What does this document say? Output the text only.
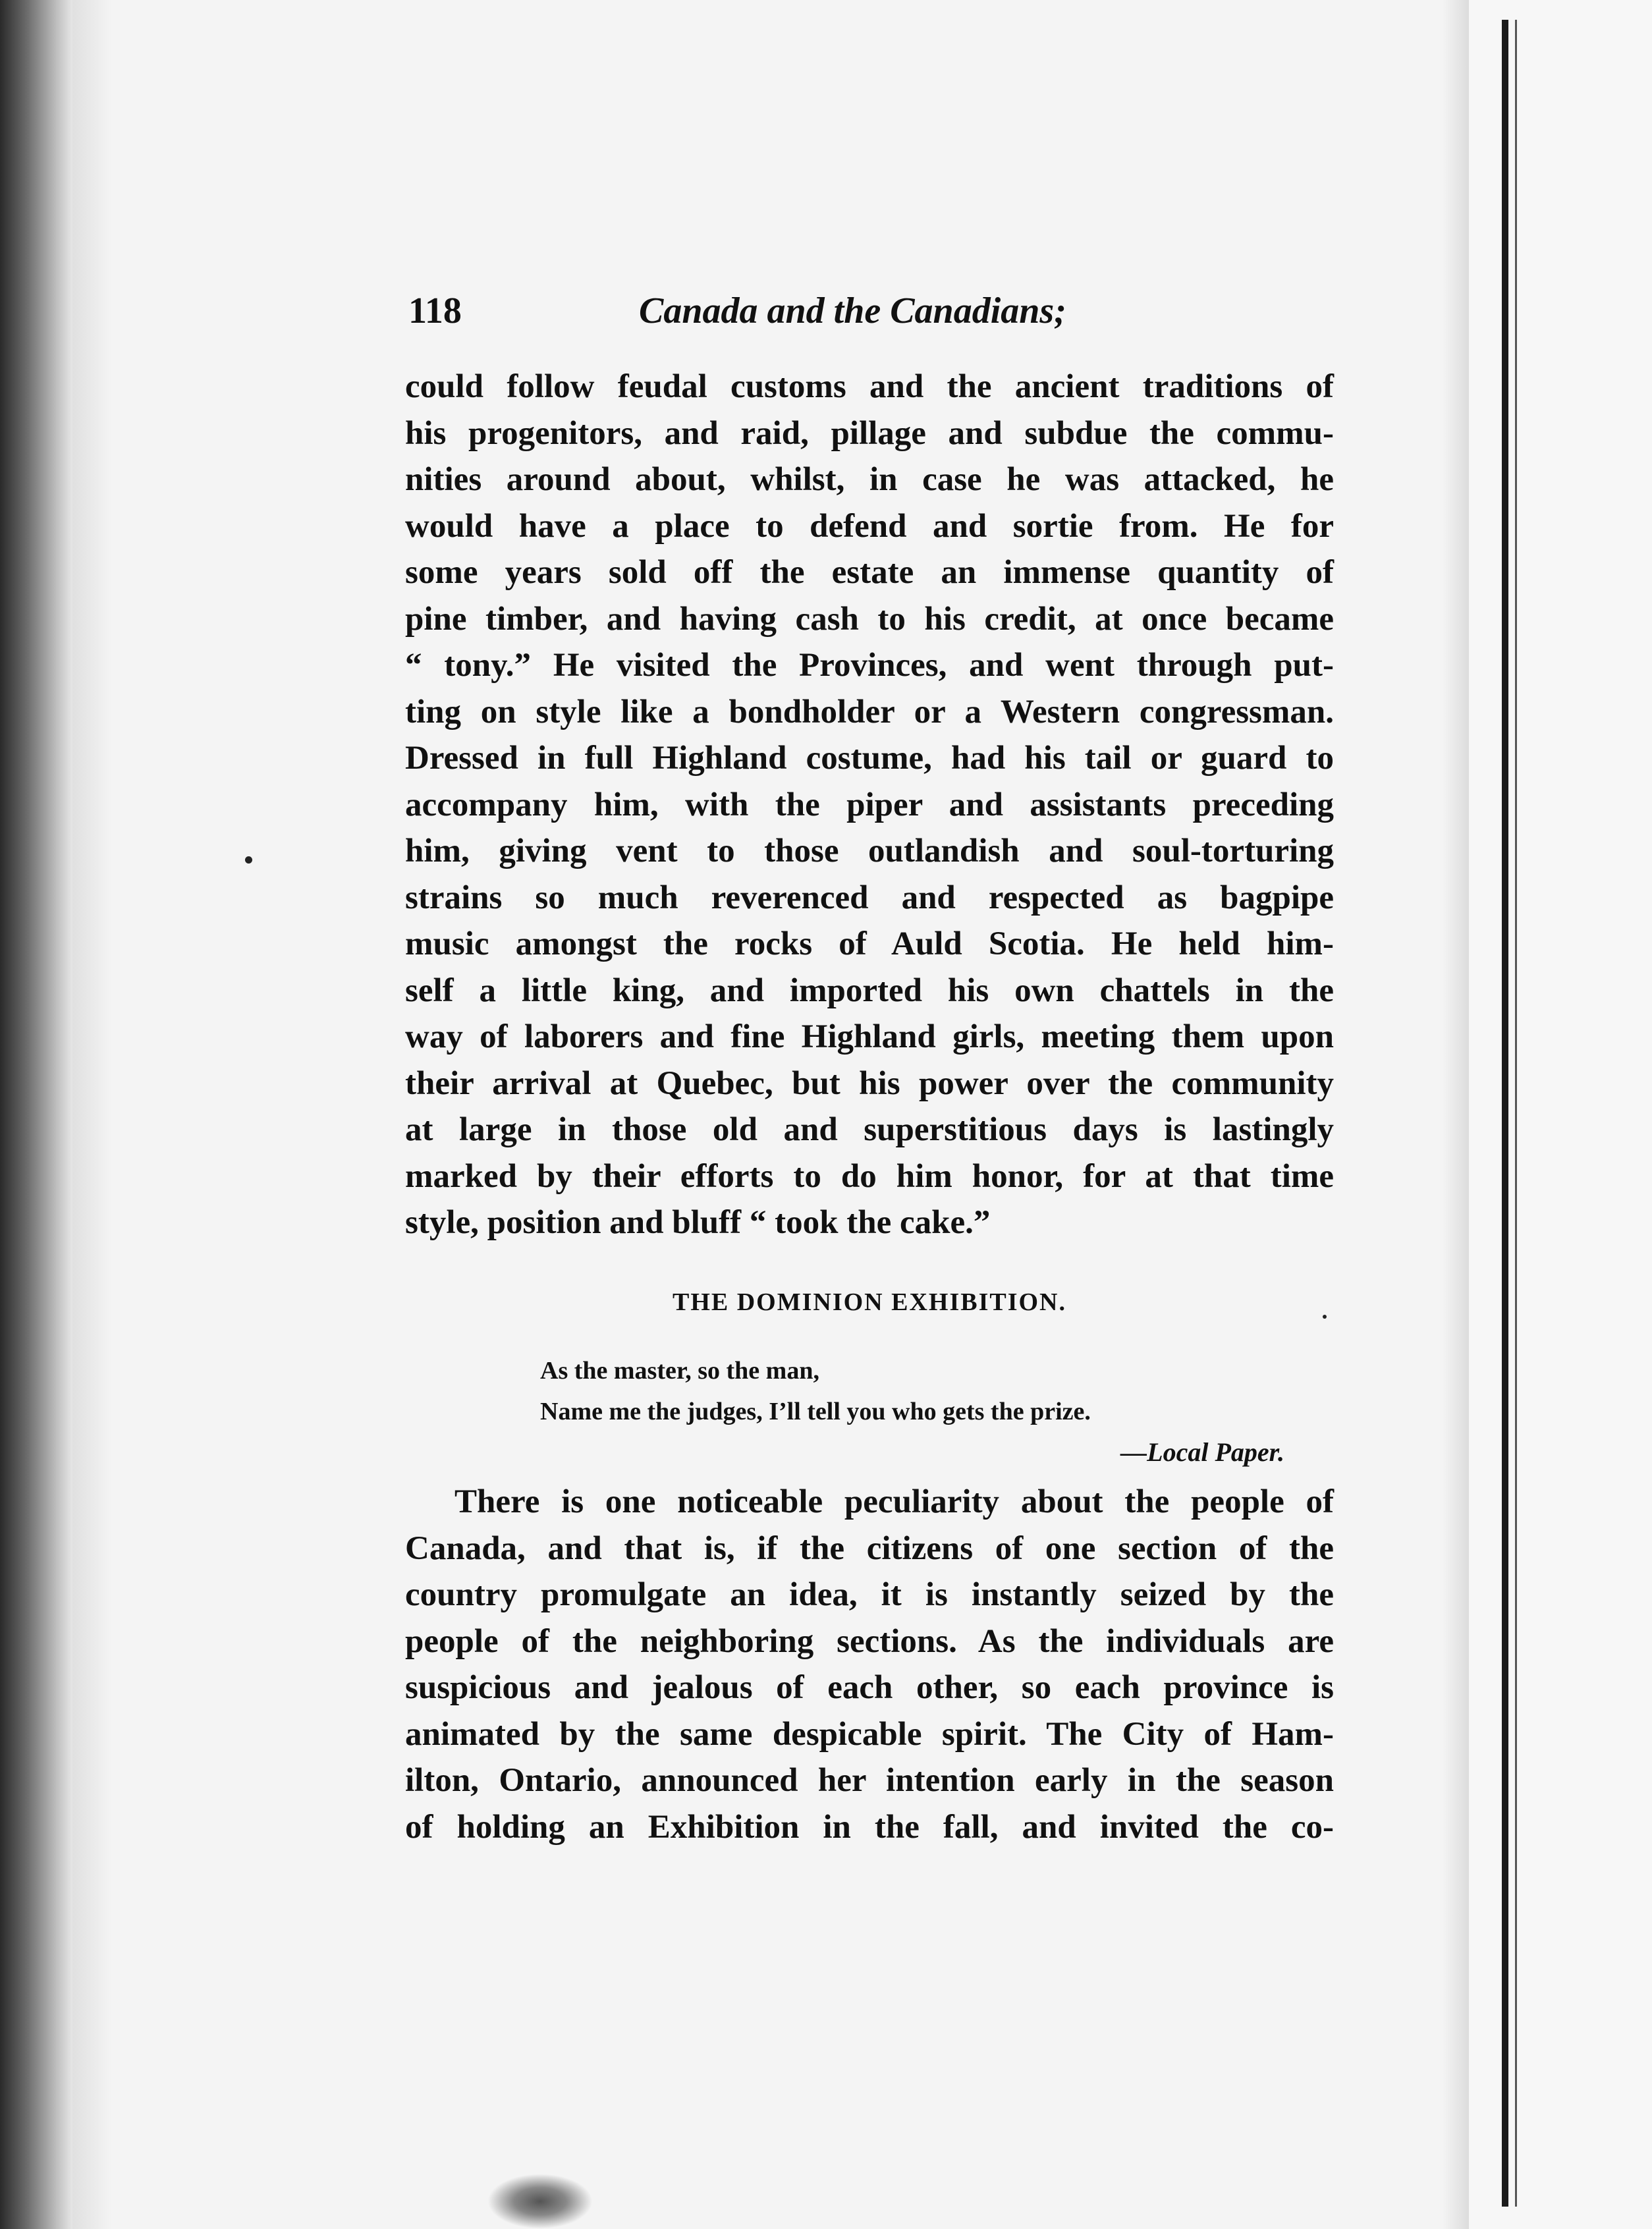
118	Canada and the Canadians;
could follow feudal customs and the ancient traditions of
his progenitors, and raid, pillage and subdue the commu-
nities around about, whilst, in case he was attacked, he
would have a place to defend and sortie from. He for
some years sold off the estate an immense quantity of
pine timber, and having cash to his credit, at once became
“ tony.” He visited the Provinces, and went through put-
ting on style like a bondholder or a Western congressman.
Dressed in full Highland costume, had his tail or guard to
accompany him, with the piper and assistants preceding
him, giving vent to those outlandish and soul-torturing
strains so much reverenced and respected as bagpipe
music amongst the rocks of Auld Scotia. He held him-
self a little king, and imported his own chattels in the
way of laborers and fine Highland girls, meeting them upon
their arrival at Quebec, but his power over the community
at large in those old and superstitious days is lastingly
marked by their efforts to do him honor, for at that time
style, position and bluff “ took the cake.”
THE DOMINION EXHIBITION.
As the master, so the man,
Name me the judges, I’ll tell you who gets the prize.
—Local Paper.
There is one noticeable peculiarity about the people of
Canada, and that is, if the citizens of one section of the
country promulgate an idea, it is instantly seized by the
people of the neighboring sections. As the individuals are
suspicious and jealous of each other, so each province is
animated by the same despicable spirit. The City of Ham-
ilton, Ontario, announced her intention early in the season
of holding an Exhibition in the fall, and invited the co-
